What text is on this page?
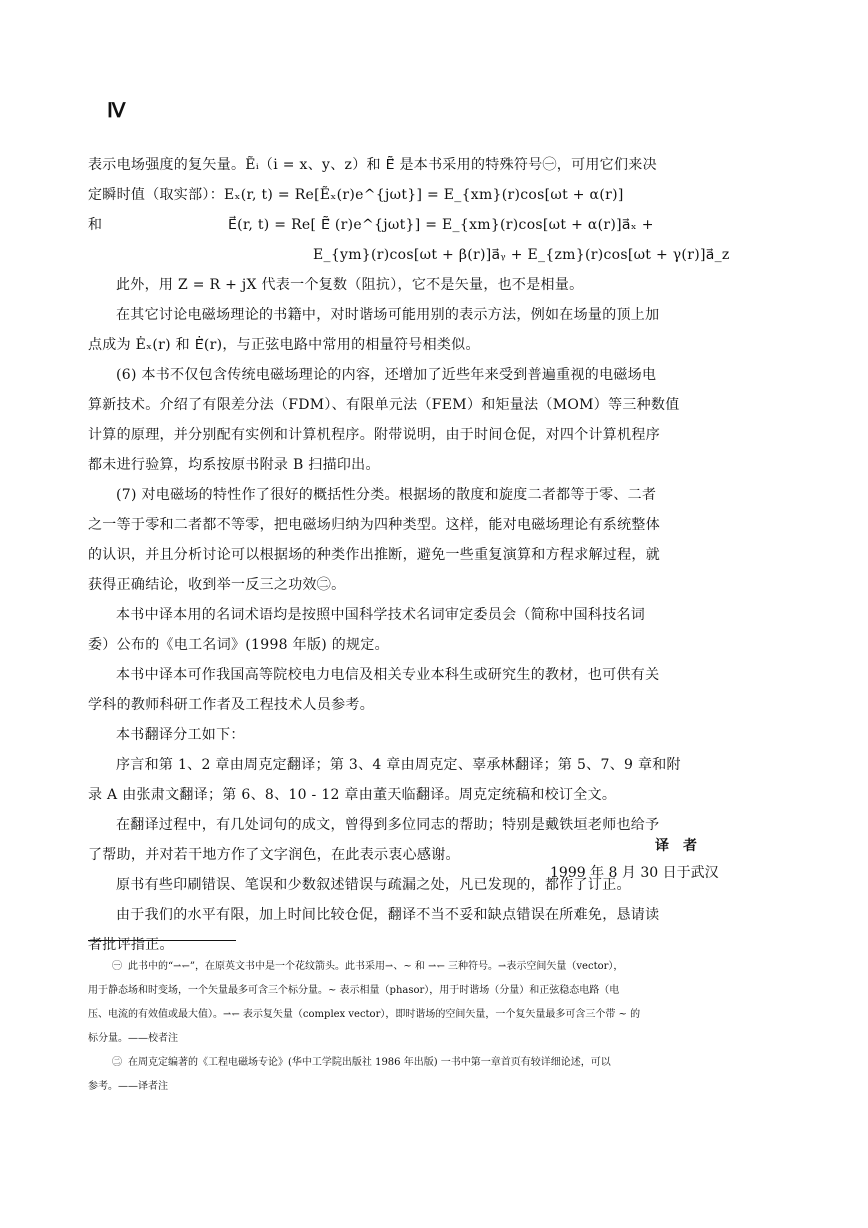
Ⅳ
表示电场强度的复矢量。Ẽᵢ（i = x、y、z）和 Ẽ⃗ 是本书采用的特殊符号㊀，可用它们来决
定瞬时值（取实部）：Eₓ(r, t) = Re[Ẽₓ(r)e^{jωt}] = E_{xm}(r)cos[ωt + α(r)]
和	E⃗(r, t) = Re[ Ẽ⃗ (r)e^{jωt}] = E_{xm}(r)cos[ωt + α(r)]a⃗ₓ +
E_{ym}(r)cos[ωt + β(r)]a⃗ᵧ + E_{zm}(r)cos[ωt + γ(r)]a⃗_z
此外，用 Z = R + jX 代表一个复数（阻抗），它不是矢量，也不是相量。
在其它讨论电磁场理论的书籍中，对时谐场可能用别的表示方法，例如在场量的顶上加
点成为 Ėₓ(r) 和 Ė⃗(r)，与正弦电路中常用的相量符号相类似。
(6) 本书不仅包含传统电磁场理论的内容，还增加了近些年来受到普遍重视的电磁场电
算新技术。介绍了有限差分法（FDM）、有限单元法（FEM）和矩量法（MOM）等三种数值
计算的原理，并分别配有实例和计算机程序。附带说明，由于时间仓促，对四个计算机程序
都未进行验算，均系按原书附录 B 扫描印出。
(7) 对电磁场的特性作了很好的概括性分类。根据场的散度和旋度二者都等于零、二者
之一等于零和二者都不等零，把电磁场归纳为四种类型。这样，能对电磁场理论有系统整体
的认识，并且分析讨论可以根据场的种类作出推断，避免一些重复演算和方程求解过程，就
获得正确结论，收到举一反三之功效㊁。
本书中译本用的名词术语均是按照中国科学技术名词审定委员会（简称中国科技名词
委）公布的《电工名词》(1998 年版) 的规定。
本书中译本可作我国高等院校电力电信及相关专业本科生或研究生的教材，也可供有关
学科的教师科研工作者及工程技术人员参考。
本书翻译分工如下：
序言和第 1、2 章由周克定翻译；第 3、4 章由周克定、辜承林翻译；第 5、7、9 章和附
录 A 由张肃文翻译；第 6、8、10 - 12 章由董天临翻译。周克定统稿和校订全文。
在翻译过程中，有几处词句的成文，曾得到多位同志的帮助；特别是戴铁垣老师也给予
了帮助，并对若干地方作了文字润色，在此表示衷心感谢。
原书有些印刷错误、笔误和少数叙述错误与疏漏之处，凡已发现的，都作了订正。
由于我们的水平有限，加上时间比较仓促，翻译不当不妥和缺点错误在所难免，恳请读
者批评指正。
译者
1999 年 8 月 30 日于武汉
㊀ 此书中的“⇀↽”，在原英文书中是一个花纹箭头。此书采用⇀、~ 和 ⇀↽ 三种符号。⇀表示空间矢量（vector），
用于静态场和时变场，一个矢量最多可含三个标分量。~ 表示相量（phasor），用于时谐场（分量）和正弦稳态电路（电
压、电流的有效值或最大值）。⇀↽ 表示复矢量（complex vector），即时谐场的空间矢量，一个复矢量最多可含三个带 ~ 的
标分量。——校者注
㊁ 在周克定编著的《工程电磁场专论》(华中工学院出版社 1986 年出版) 一书中第一章首页有较详细论述，可以
参考。——译者注
